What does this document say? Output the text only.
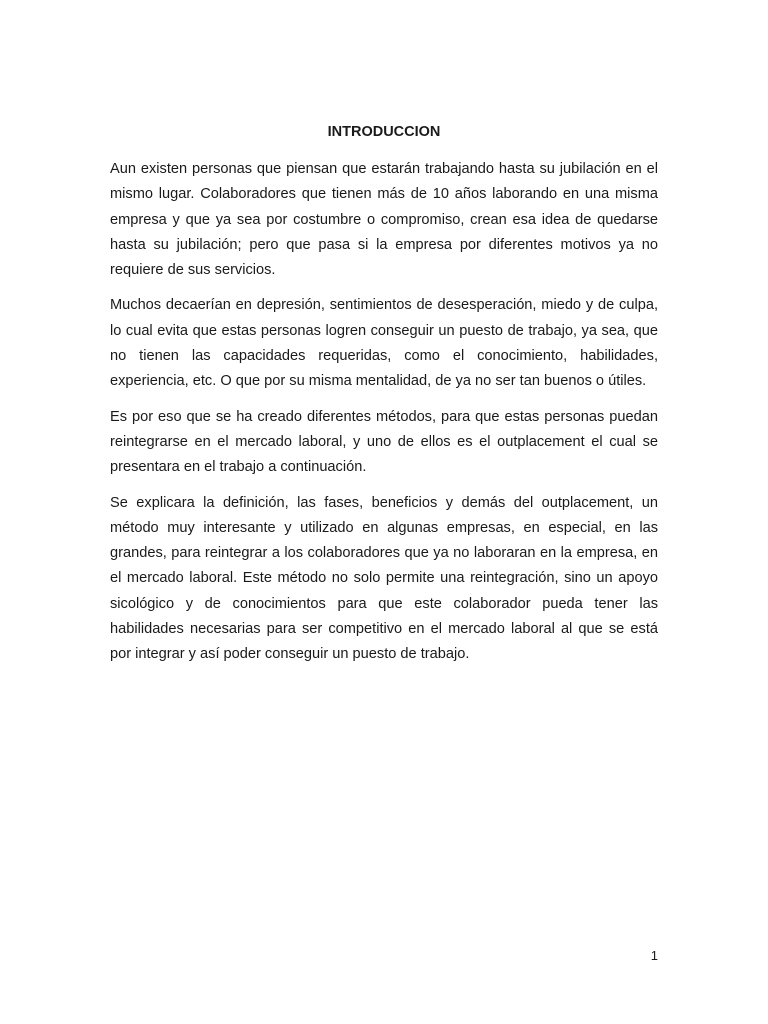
INTRODUCCION

Aun existen personas que piensan que estarán trabajando hasta su jubilación en el mismo lugar. Colaboradores que tienen más de 10 años laborando en una misma empresa y que ya sea por costumbre o compromiso, crean esa idea de quedarse hasta su jubilación; pero que pasa si la empresa por diferentes motivos ya no requiere de sus servicios.

Muchos decaerían en depresión, sentimientos de desesperación, miedo y de culpa, lo cual evita que estas personas logren conseguir un puesto de trabajo, ya sea, que no tienen las capacidades requeridas, como el conocimiento, habilidades, experiencia, etc. O que por su misma mentalidad, de ya no ser tan buenos o útiles.

Es por eso que se ha creado diferentes métodos, para que estas personas puedan reintegrarse en el mercado laboral, y uno de ellos es el outplacement el cual se presentara en el trabajo a continuación.

Se explicara la definición, las fases, beneficios y demás del outplacement, un método muy interesante y utilizado en algunas empresas, en especial, en las grandes, para reintegrar a los colaboradores que ya no laboraran en la empresa, en el mercado laboral. Este método no solo permite una reintegración, sino un apoyo sicológico y de conocimientos para que este colaborador pueda tener las habilidades necesarias para ser competitivo en el mercado laboral al que se está por integrar y así poder conseguir un puesto de trabajo.

1
